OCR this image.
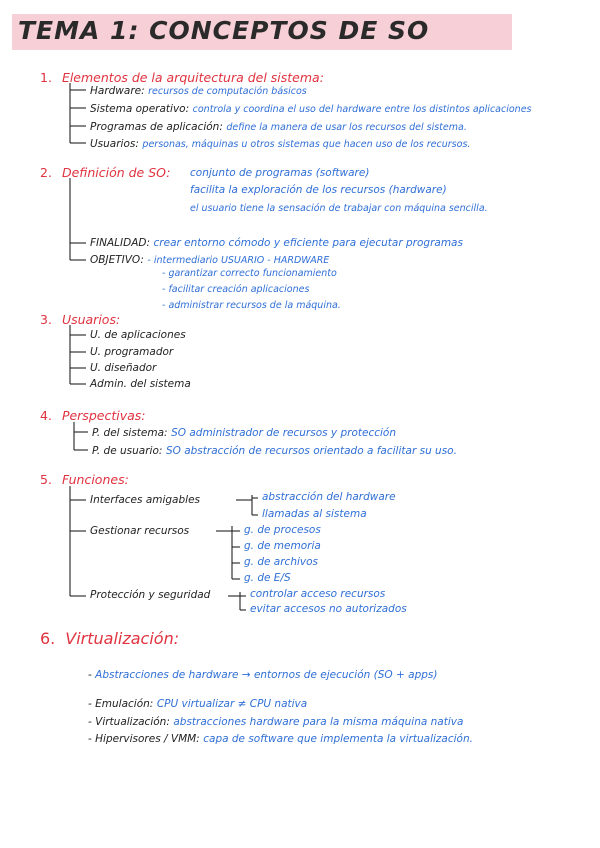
TEMA 1: CONCEPTOS DE SO
1. Elementos de la arquitectura del sistema:
Hardware: recursos de computación básicos
Sistema operativo: controla y coordina el uso del hardware entre los distintos aplicaciones
Programas de aplicación: define la manera de usar los recursos del sistema.
Usuarios: personas, máquinas u otros sistemas que hacen uso de los recursos.
2. Definición de SO: conjunto de programas (software)
facilita la exploración de los recursos (hardware)
el usuario tiene la sensación de trabajar con máquina sencilla.
FINALIDAD: crear entorno cómodo y eficiente para ejecutar programas
OBJETIVO: - intermediario USUARIO - HARDWARE
- garantizar correcto funcionamiento
- facilitar creación aplicaciones
- administrar recursos de la máquina.
3. Usuarios:
U. de aplicaciones
U. programador
U. diseñador
Admin. del sistema
4. Perspectivas:
P. del sistema: SO administrador de recursos y protección
P. de usuario: SO abstracción de recursos orientado a facilitar su uso.
5. Funciones:
Interfaces amigables	abstracción del hardware
llamadas al sistema
Gestionar recursos	g. de procesos
g. de memoria
g. de archivos
g. de E/S
Protección y seguridad	controlar acceso recursos
evitar accesos no autorizados
6. Virtualización:
- Abstracciones de hardware → entornos de ejecución (SO + apps)
- Emulación: CPU virtualizar ≠ CPU nativa
- Virtualización: abstracciones hardware para la misma máquina nativa
- Hipervisores / VMM: capa de software que implementa la virtualización.
